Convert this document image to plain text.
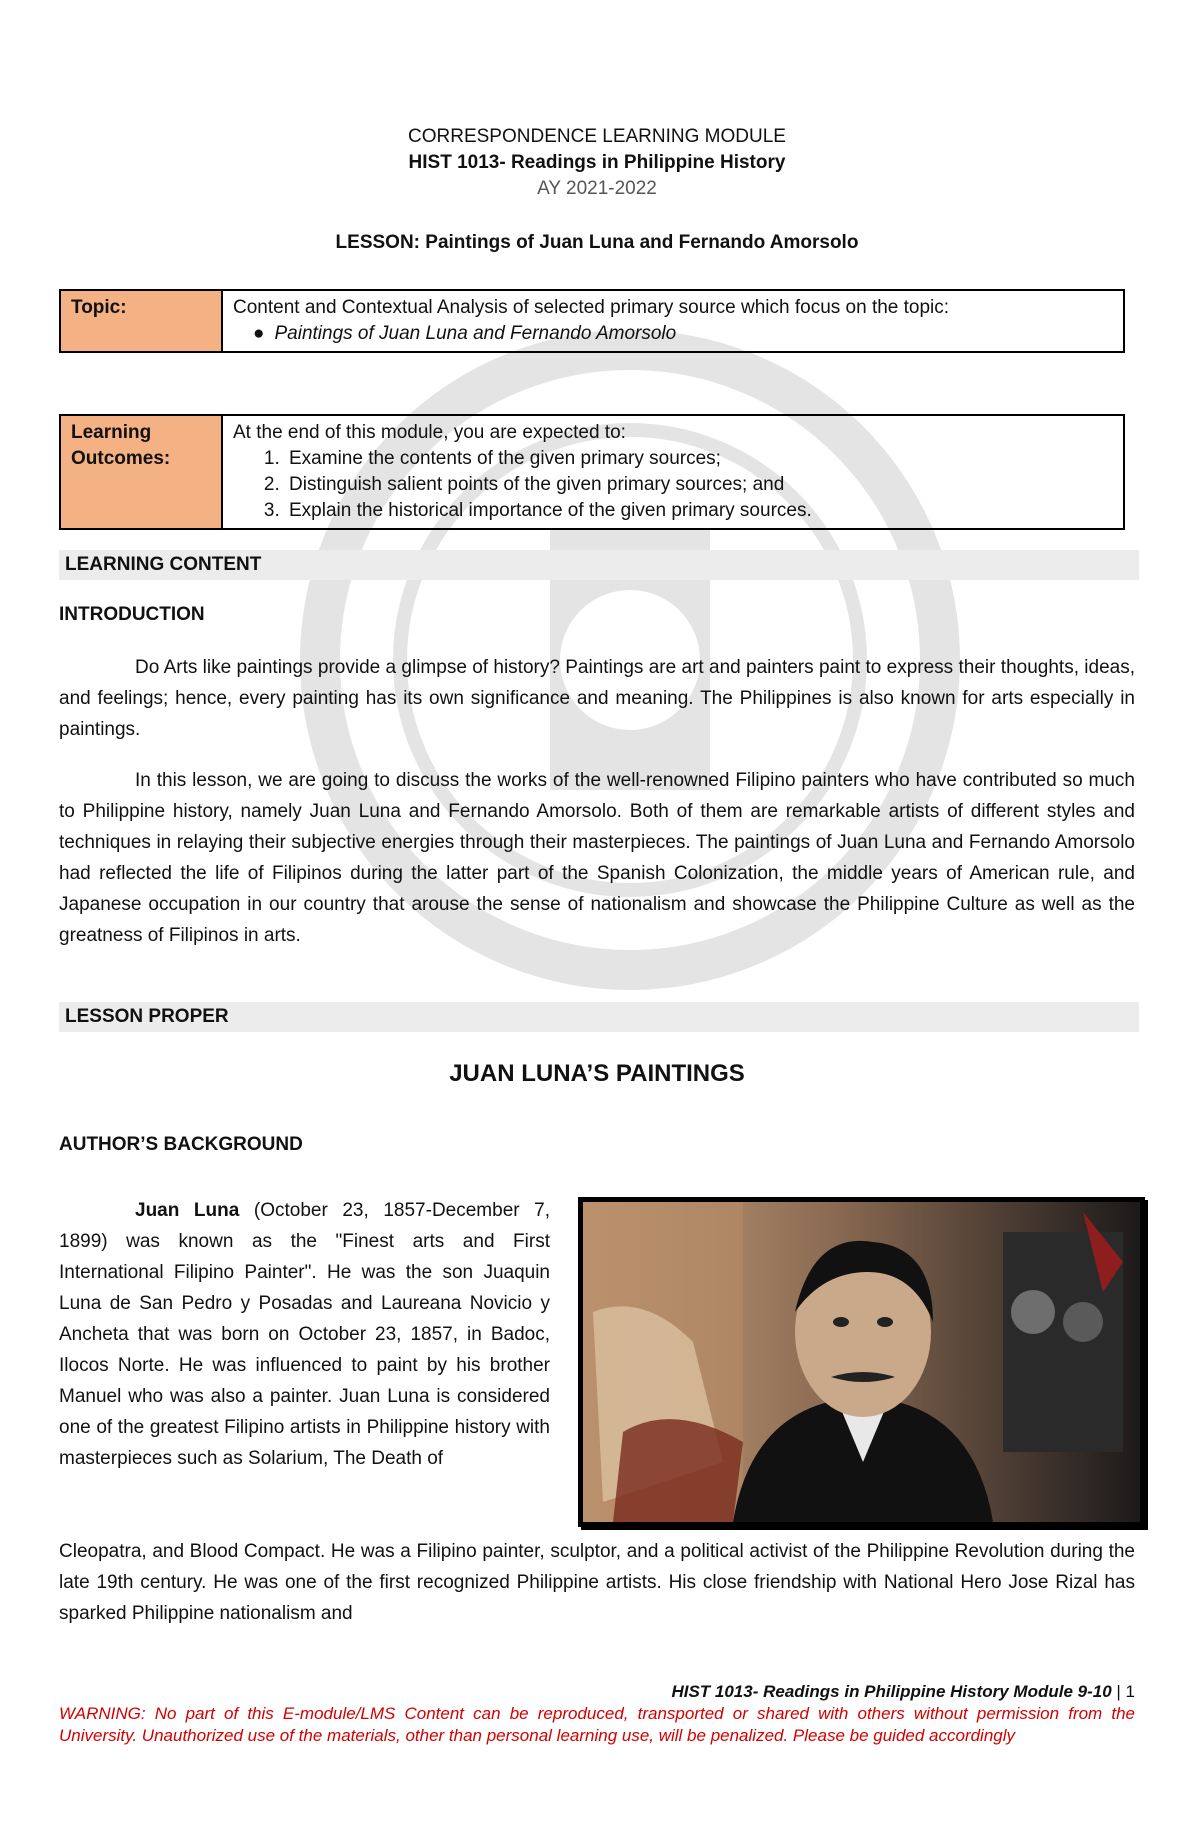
CORRESPONDENCE LEARNING MODULE
HIST 1013- Readings in Philippine History
AY 2021-2022
LESSON: Paintings of Juan Luna and Fernando Amorsolo
Topic:	Content and Contextual Analysis of selected primary source which focus on the topic:
● Paintings of Juan Luna and Fernando Amorsolo
Learning Outcomes:	
At the end of this module, you are expected to:
1. Examine the contents of the given primary sources;
2. Distinguish salient points of the given primary sources; and
3. Explain the historical importance of the given primary sources.
LEARNING CONTENT
INTRODUCTION
Do Arts like paintings provide a glimpse of history? Paintings are art and painters paint to express their thoughts, ideas, and feelings; hence, every painting has its own significance and meaning. The Philippines is also known for arts especially in paintings.
In this lesson, we are going to discuss the works of the well-renowned Filipino painters who have contributed so much to Philippine history, namely Juan Luna and Fernando Amorsolo. Both of them are remarkable artists of different styles and techniques in relaying their subjective energies through their masterpieces. The paintings of Juan Luna and Fernando Amorsolo had reflected the life of Filipinos during the latter part of the Spanish Colonization, the middle years of American rule, and Japanese occupation in our country that arouse the sense of nationalism and showcase the Philippine Culture as well as the greatness of Filipinos in arts.
LESSON PROPER
JUAN LUNA’S PAINTINGS
AUTHOR’S BACKGROUND
Juan Luna (October 23, 1857-December 7, 1899) was known as the "Finest arts and First International Filipino Painter". He was the son Juaquin Luna de San Pedro y Posadas and Laureana Novicio y Ancheta that was born on October 23, 1857, in Badoc, Ilocos Norte. He was influenced to paint by his brother Manuel who was also a painter. Juan Luna is considered one of the greatest Filipino artists in Philippine history with masterpieces such as Solarium, The Death of
Cleopatra, and Blood Compact. He was a Filipino painter, sculptor, and a political activist of the Philippine Revolution during the late 19th century. He was one of the first recognized Philippine artists. His close friendship with National Hero Jose Rizal has sparked Philippine nationalism and
HIST 1013- Readings in Philippine History Module 9-10 | 1
WARNING: No part of this E-module/LMS Content can be reproduced, transported or shared with others without permission from the University. Unauthorized use of the materials, other than personal learning use, will be penalized. Please be guided accordingly
